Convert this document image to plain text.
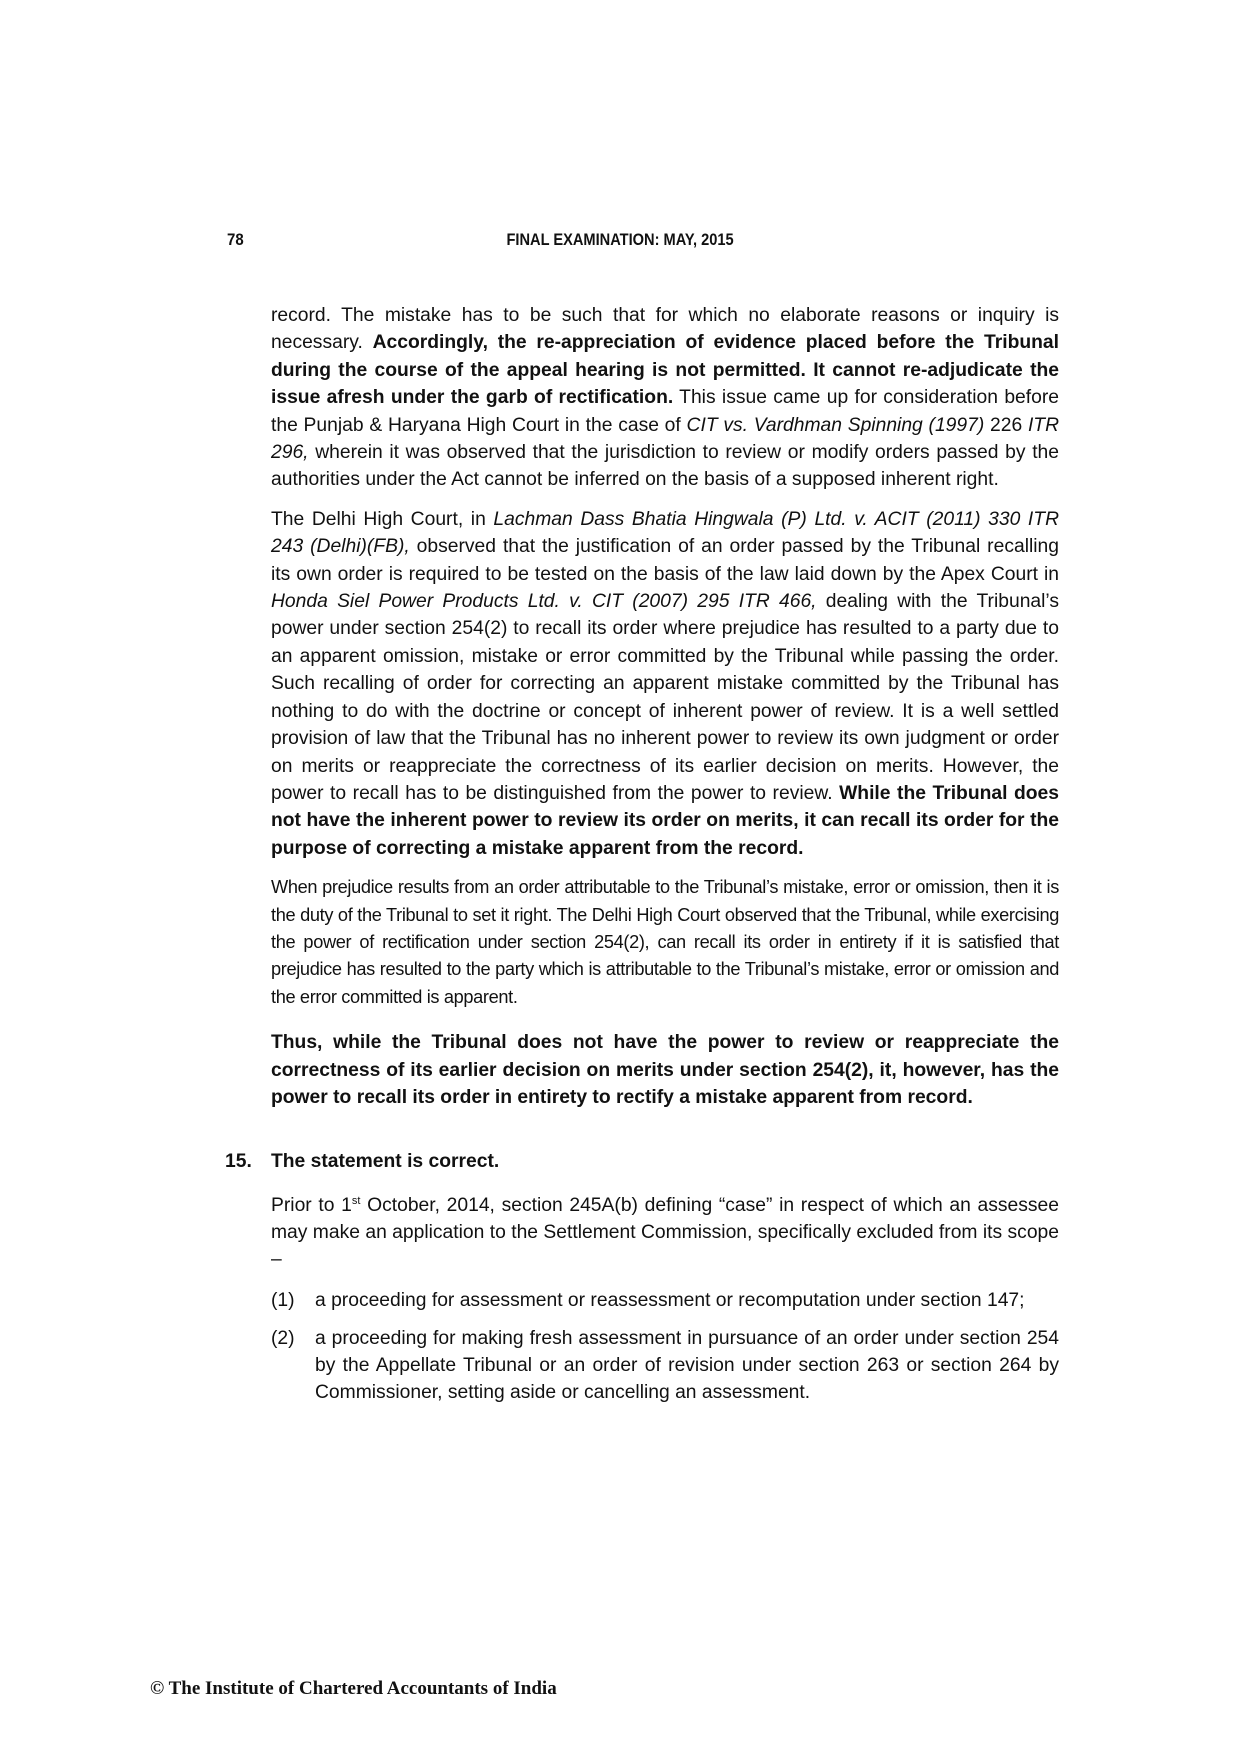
78	FINAL EXAMINATION: MAY, 2015

record. The mistake has to be such that for which no elaborate reasons or inquiry is necessary. Accordingly, the re-appreciation of evidence placed before the Tribunal during the course of the appeal hearing is not permitted. It cannot re-adjudicate the issue afresh under the garb of rectification. This issue came up for consideration before the Punjab & Haryana High Court in the case of CIT vs. Vardhman Spinning (1997) 226 ITR 296, wherein it was observed that the jurisdiction to review or modify orders passed by the authorities under the Act cannot be inferred on the basis of a supposed inherent right.

The Delhi High Court, in Lachman Dass Bhatia Hingwala (P) Ltd. v. ACIT (2011) 330 ITR 243 (Delhi)(FB), observed that the justification of an order passed by the Tribunal recalling its own order is required to be tested on the basis of the law laid down by the Apex Court in Honda Siel Power Products Ltd. v. CIT (2007) 295 ITR 466, dealing with the Tribunal’s power under section 254(2) to recall its order where prejudice has resulted to a party due to an apparent omission, mistake or error committed by the Tribunal while passing the order. Such recalling of order for correcting an apparent mistake committed by the Tribunal has nothing to do with the doctrine or concept of inherent power of review. It is a well settled provision of law that the Tribunal has no inherent power to review its own judgment or order on merits or reappreciate the correctness of its earlier decision on merits. However, the power to recall has to be distinguished from the power to review. While the Tribunal does not have the inherent power to review its order on merits, it can recall its order for the purpose of correcting a mistake apparent from the record.

When prejudice results from an order attributable to the Tribunal’s mistake, error or omission, then it is the duty of the Tribunal to set it right. The Delhi High Court observed that the Tribunal, while exercising the power of rectification under section 254(2), can recall its order in entirety if it is satisfied that prejudice has resulted to the party which is attributable to the Tribunal’s mistake, error or omission and the error committed is apparent.

Thus, while the Tribunal does not have the power to review or reappreciate the correctness of its earlier decision on merits under section 254(2), it, however, has the power to recall its order in entirety to rectify a mistake apparent from record.

15. The statement is correct.

Prior to 1st October, 2014, section 245A(b) defining “case” in respect of which an assessee may make an application to the Settlement Commission, specifically excluded from its scope –

(1) a proceeding for assessment or reassessment or recomputation under section 147;
(2) a proceeding for making fresh assessment in pursuance of an order under section 254 by the Appellate Tribunal or an order of revision under section 263 or section 264 by Commissioner, setting aside or cancelling an assessment.
© The Institute of Chartered Accountants of India
